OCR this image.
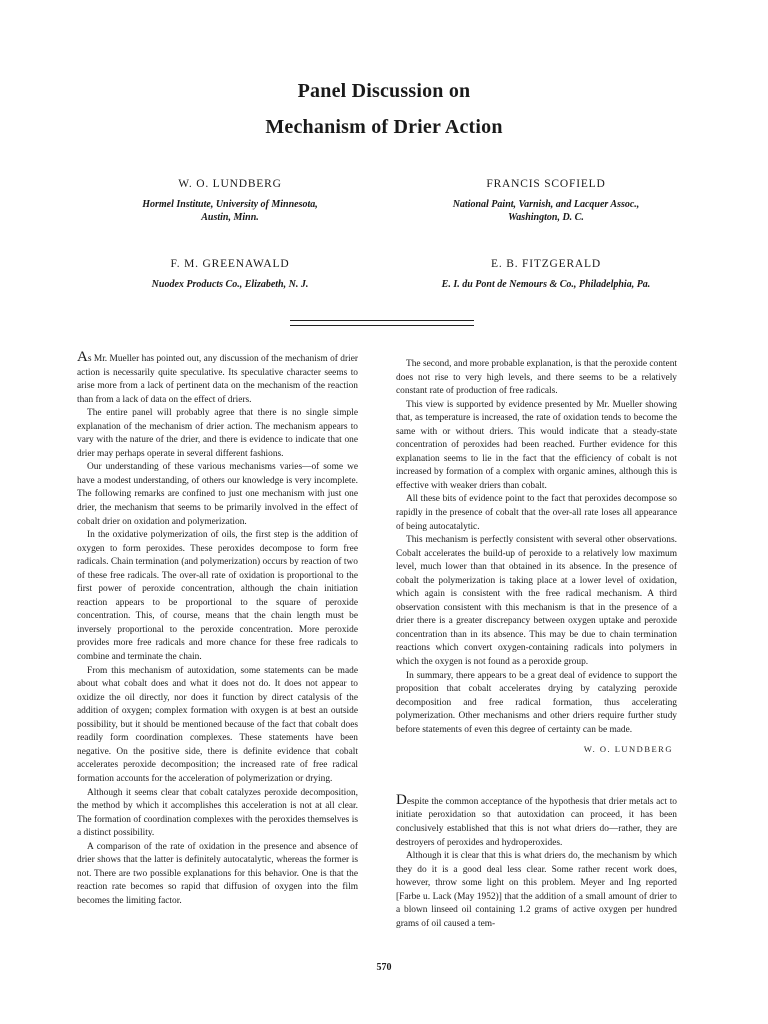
Panel Discussion on
Mechanism of Drier Action
W. O. LUNDBERG
Hormel Institute, University of Minnesota,
Austin, Minn.
FRANCIS SCOFIELD
National Paint, Varnish, and Lacquer Assoc.,
Washington, D. C.
F. M. GREENAWALD
Nuodex Products Co., Elizabeth, N. J.
E. B. FITZGERALD
E. I. du Pont de Nemours & Co., Philadelphia, Pa.

As Mr. Mueller has pointed out, any discussion of the mechanism of drier action is necessarily quite speculative. Its speculative character seems to arise more from a lack of pertinent data on the mechanism of the reaction than from a lack of data on the effect of driers.

The entire panel will probably agree that there is no single simple explanation of the mechanism of drier action. The mechanism appears to vary with the nature of the drier, and there is evidence to indicate that one drier may perhaps operate in several different fashions.

Our understanding of these various mechanisms varies—of some we have a modest understanding, of others our knowledge is very incomplete. The following remarks are confined to just one mechanism with just one drier, the mechanism that seems to be primarily involved in the effect of cobalt drier on oxidation and polymerization.

In the oxidative polymerization of oils, the first step is the addition of oxygen to form peroxides. These peroxides decompose to form free radicals. Chain termination (and polymerization) occurs by reaction of two of these free radicals. The over-all rate of oxidation is proportional to the first power of peroxide concentration, although the chain initiation reaction appears to be proportional to the square of peroxide concentration. This, of course, means that the chain length must be inversely proportional to the peroxide concentration. More peroxide provides more free radicals and more chance for these free radicals to combine and terminate the chain.

From this mechanism of autoxidation, some statements can be made about what cobalt does and what it does not do. It does not appear to oxidize the oil directly, nor does it function by direct catalysis of the addition of oxygen; complex formation with oxygen is at best an outside possibility, but it should be mentioned because of the fact that cobalt does readily form coordination complexes. These statements have been negative. On the positive side, there is definite evidence that cobalt accelerates peroxide decomposition; the increased rate of free radical formation accounts for the acceleration of polymerization or drying.

Although it seems clear that cobalt catalyzes peroxide decomposition, the method by which it accomplishes this acceleration is not at all clear. The formation of coordination complexes with the peroxides themselves is a distinct possibility.

A comparison of the rate of oxidation in the presence and absence of drier shows that the latter is definitely autocatalytic, whereas the former is not. There are two possible explanations for this behavior. One is that the reaction rate becomes so rapid that diffusion of oxygen into the film becomes the limiting factor.

The second, and more probable explanation, is that the peroxide content does not rise to very high levels, and there seems to be a relatively constant rate of production of free radicals.

This view is supported by evidence presented by Mr. Mueller showing that, as temperature is increased, the rate of oxidation tends to become the same with or without driers. This would indicate that a steady-state concentration of peroxides had been reached. Further evidence for this explanation seems to lie in the fact that the efficiency of cobalt is not increased by formation of a complex with organic amines, although this is effective with weaker driers than cobalt.

All these bits of evidence point to the fact that peroxides decompose so rapidly in the presence of cobalt that the over-all rate loses all appearance of being autocatalytic.

This mechanism is perfectly consistent with several other observations. Cobalt accelerates the build-up of peroxide to a relatively low maximum level, much lower than that obtained in its absence. In the presence of cobalt the polymerization is taking place at a lower level of oxidation, which again is consistent with the free radical mechanism. A third observation consistent with this mechanism is that in the presence of a drier there is a greater discrepancy between oxygen uptake and peroxide concentration than in its absence. This may be due to chain termination reactions which convert oxygen-containing radicals into polymers in which the oxygen is not found as a peroxide group.

In summary, there appears to be a great deal of evidence to support the proposition that cobalt accelerates drying by catalyzing peroxide decomposition and free radical formation, thus accelerating polymerization. Other mechanisms and other driers require further study before statements of even this degree of certainty can be made.

W. O. LUNDBERG

Despite the common acceptance of the hypothesis that drier metals act to initiate peroxidation so that autoxidation can proceed, it has been conclusively established that this is not what driers do—rather, they are destroyers of peroxides and hydroperoxides.

Although it is clear that this is what driers do, the mechanism by which they do it is a good deal less clear. Some rather recent work does, however, throw some light on this problem. Meyer and Ing reported [Farbe u. Lack (May 1952)] that the addition of a small amount of drier to a blown linseed oil containing 1.2 grams of active oxygen per hundred grams of oil caused a tem-

570
